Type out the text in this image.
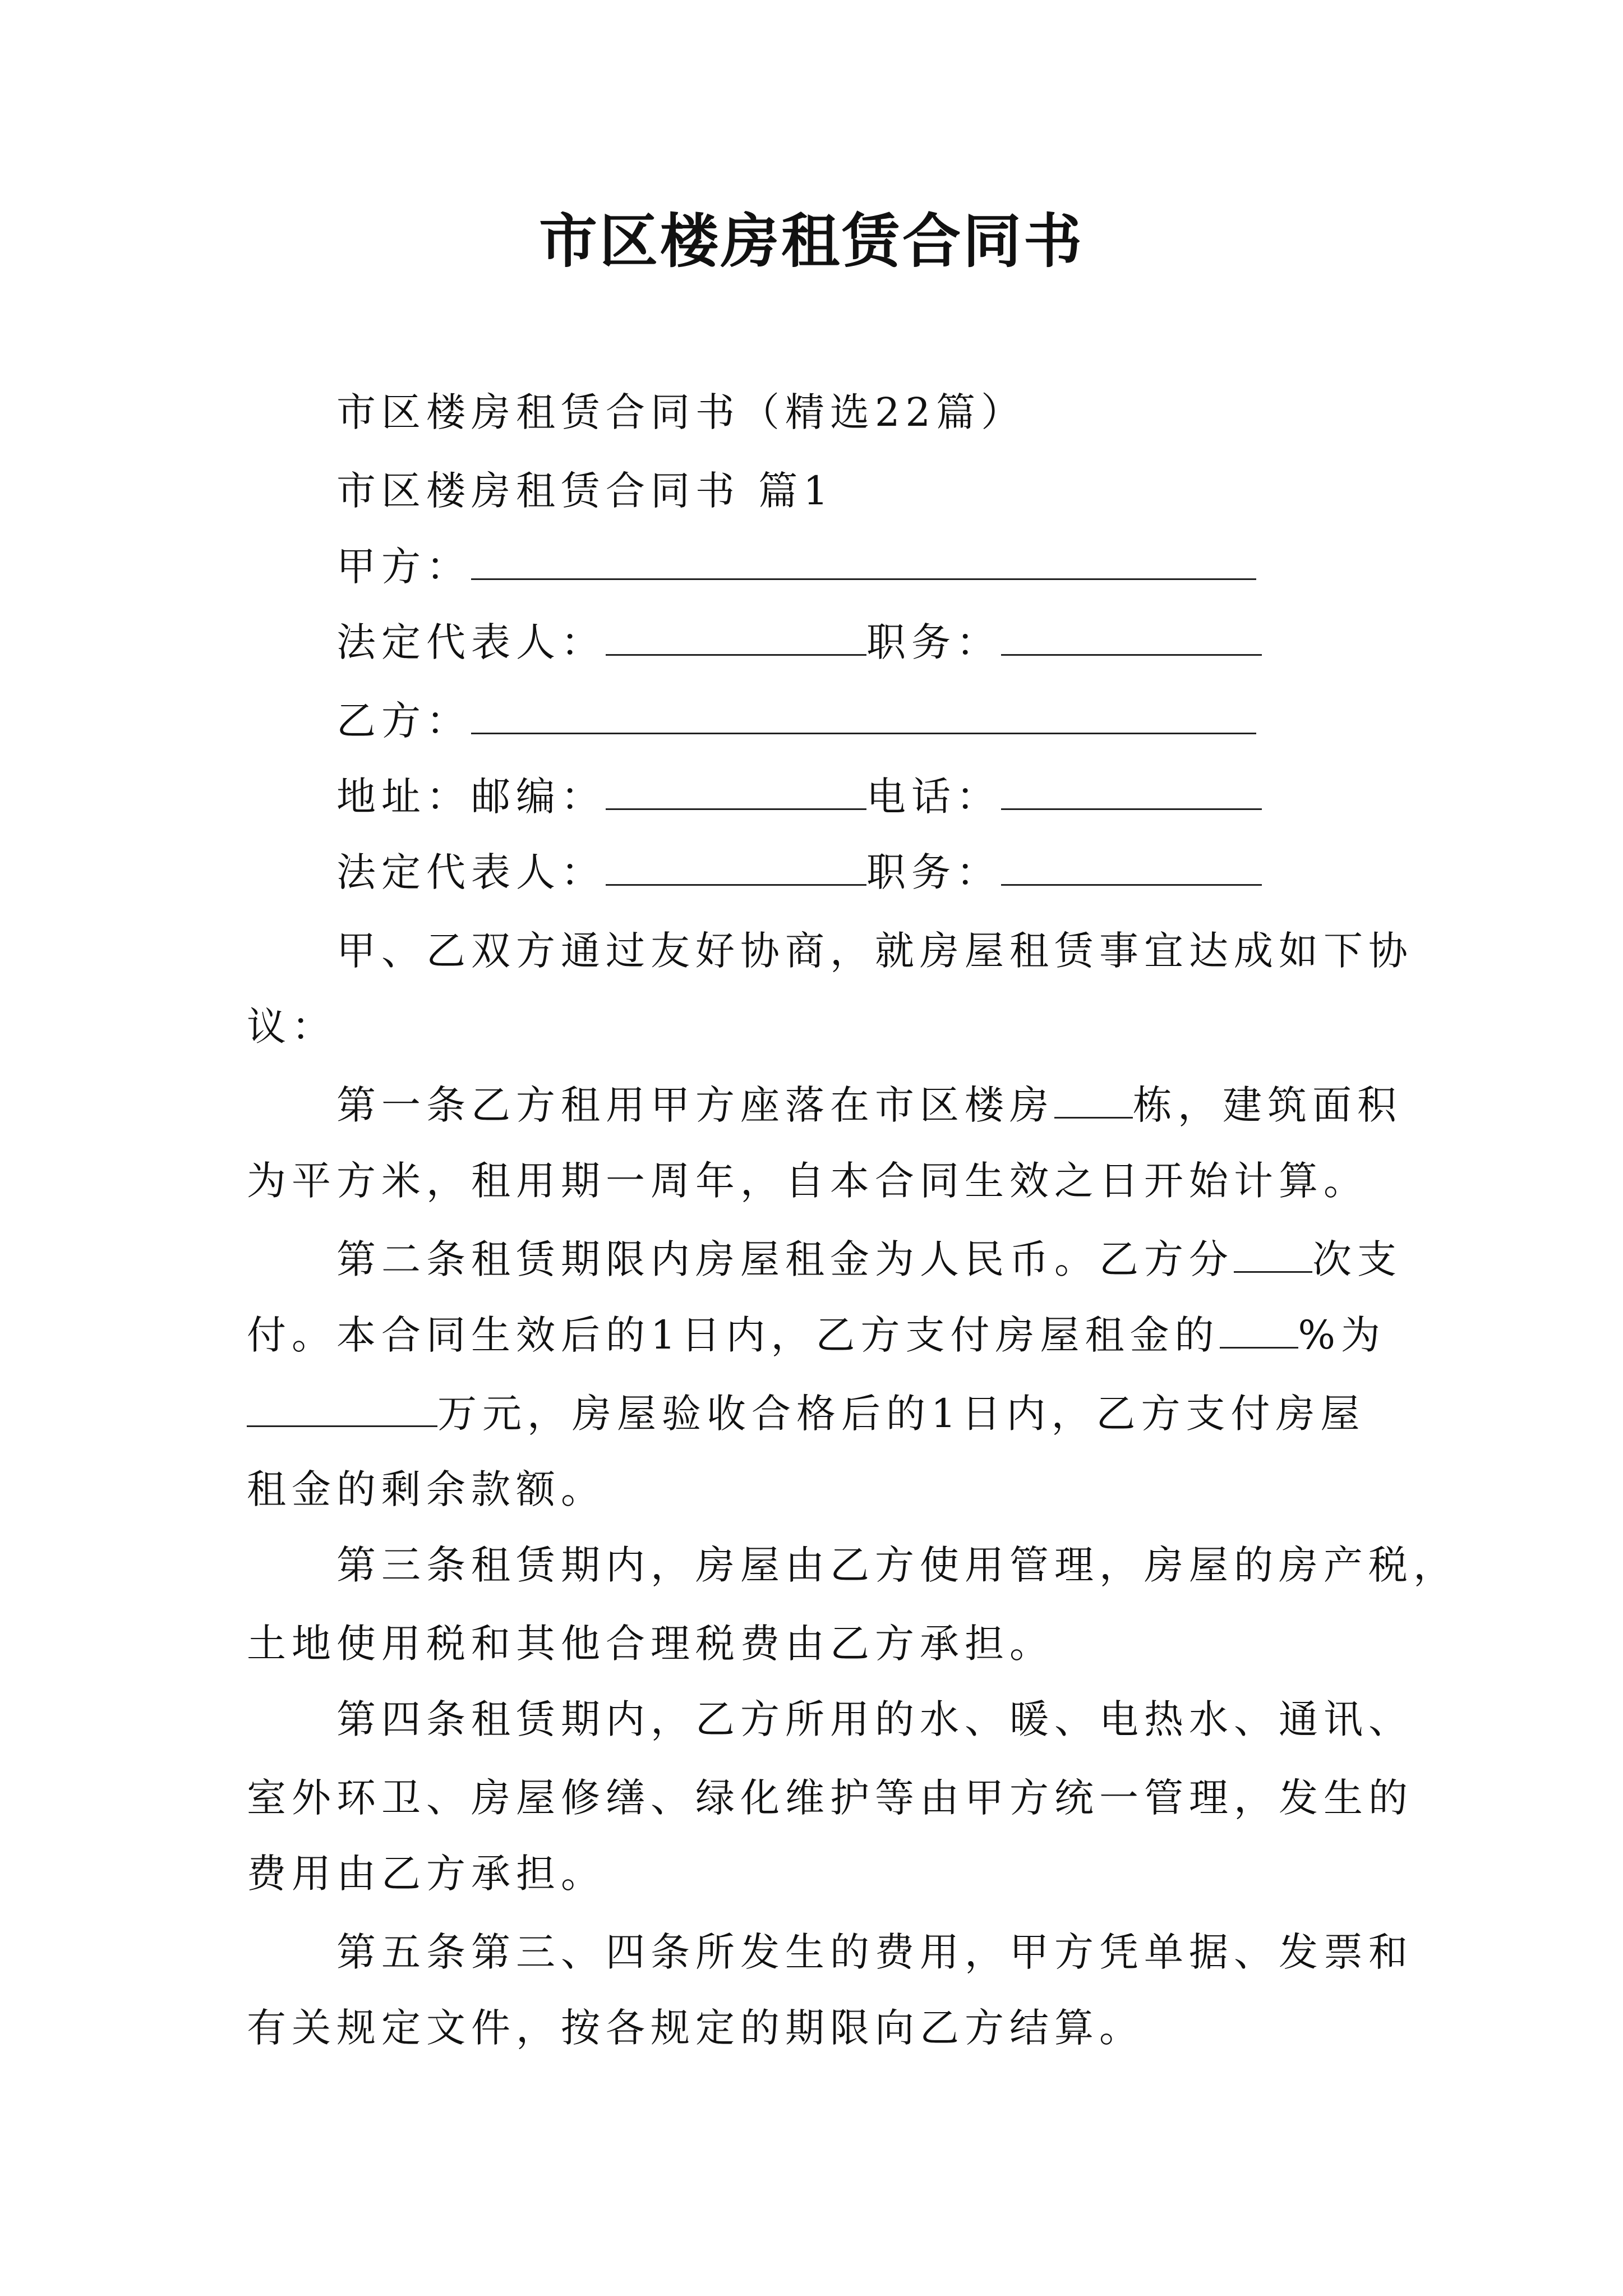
市区楼房租赁合同书
市区楼房租赁合同书（精选22篇）
市区楼房租赁合同书 篇1
甲方：
法定代表人：	职务：
乙方：
地址：邮编：	电话：
法定代表人：	职务：
甲、乙双方通过友好协商，就房屋租赁事宜达成如下协
议：
第一条乙方租用甲方座落在市区楼房 栋，建筑面积
为平方米，租用期一周年，自本合同生效之日开始计算。
第二条租赁期限内房屋租金为人民币。乙方分 次支
付。本合同生效后的1日内，乙方支付房屋租金的 %为
万元，房屋验收合格后的1日内，乙方支付房屋
租金的剩余款额。
第三条租赁期内，房屋由乙方使用管理，房屋的房产税，
土地使用税和其他合理税费由乙方承担。
第四条租赁期内，乙方所用的水、暖、电热水、通讯、
室外环卫、房屋修缮、绿化维护等由甲方统一管理，发生的
费用由乙方承担。
第五条第三、四条所发生的费用，甲方凭单据、发票和
有关规定文件，按各规定的期限向乙方结算。
